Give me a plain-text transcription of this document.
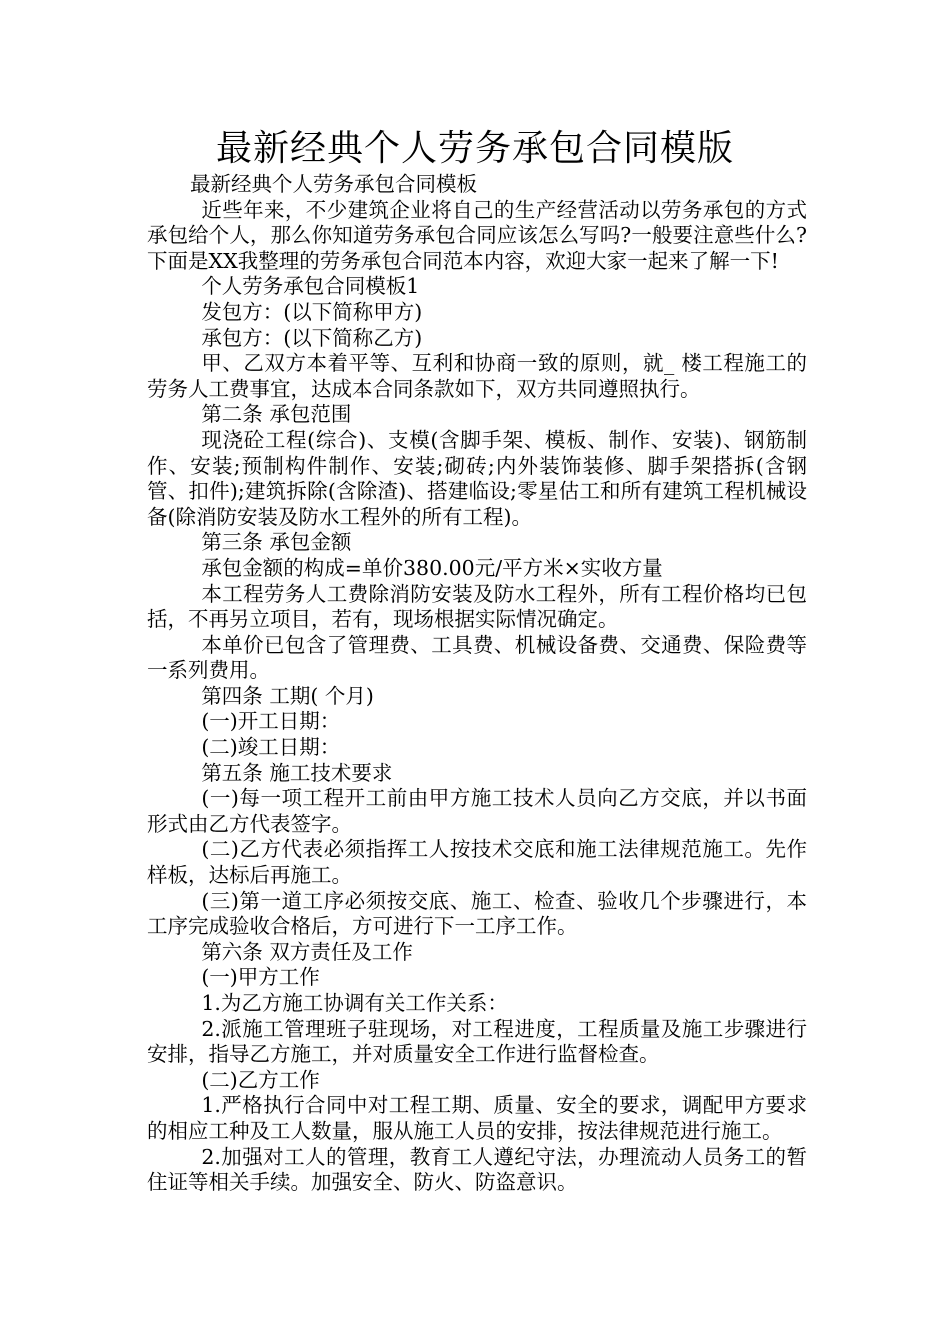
最新经典个人劳务承包合同模版

最新经典个人劳务承包合同模板

近些年来，不少建筑企业将自己的生产经营活动以劳务承包的方式承包给个人，那么你知道劳务承包合同应该怎么写吗?一般要注意些什么?下面是XX我整理的劳务承包合同范本内容，欢迎大家一起来了解一下!

个人劳务承包合同模板1

发包方：(以下简称甲方)

承包方：(以下简称乙方)

甲、乙双方本着平等、互利和协商一致的原则，就_ 楼工程施工的劳务人工费事宜，达成本合同条款如下，双方共同遵照执行。

第二条 承包范围

现浇砼工程(综合)、支模(含脚手架、模板、制作、安装)、钢筋制作、安装;预制构件制作、安装;砌砖;内外装饰装修、脚手架搭拆(含钢管、扣件);建筑拆除(含除渣)、搭建临设;零星估工和所有建筑工程机械设备(除消防安装及防水工程外的所有工程)。

第三条 承包金额

承包金额的构成=单价380.00元/平方米×实收方量

本工程劳务人工费除消防安装及防水工程外，所有工程价格均已包括，不再另立项目，若有，现场根据实际情况确定。

本单价已包含了管理费、工具费、机械设备费、交通费、保险费等一系列费用。

第四条 工期( 个月)

(一)开工日期：

(二)竣工日期：

第五条 施工技术要求

(一)每一项工程开工前由甲方施工技术人员向乙方交底，并以书面形式由乙方代表签字。

(二)乙方代表必须指挥工人按技术交底和施工法律规范施工。先作样板，达标后再施工。

(三)第一道工序必须按交底、施工、检查、验收几个步骤进行，本工序完成验收合格后，方可进行下一工序工作。

第六条 双方责任及工作

(一)甲方工作

1.为乙方施工协调有关工作关系：

2.派施工管理班子驻现场，对工程进度，工程质量及施工步骤进行安排，指导乙方施工，并对质量安全工作进行监督检查。

(二)乙方工作

1.严格执行合同中对工程工期、质量、安全的要求，调配甲方要求的相应工种及工人数量，服从施工人员的安排，按法律规范进行施工。

2.加强对工人的管理，教育工人遵纪守法，办理流动人员务工的暂住证等相关手续。加强安全、防火、防盗意识。
